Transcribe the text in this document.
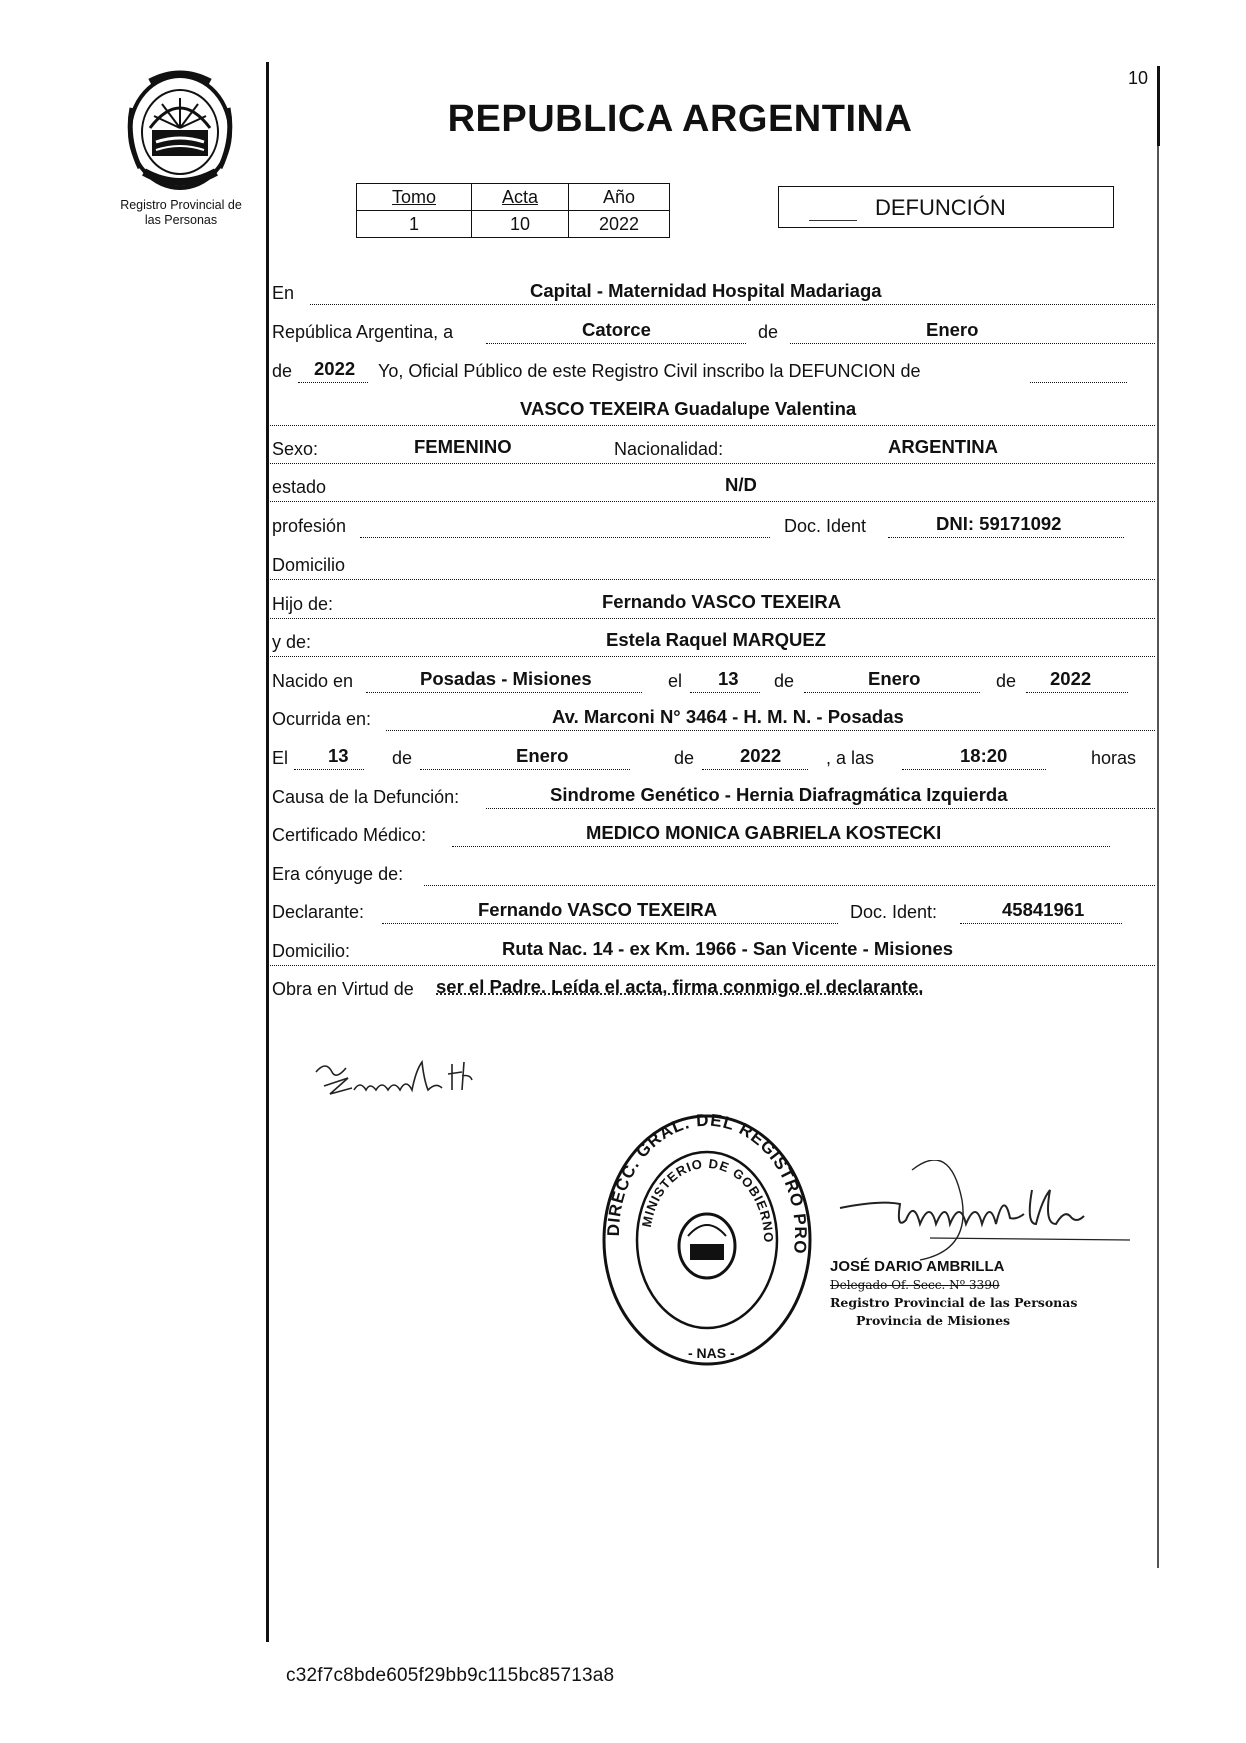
10
Registro Provincial de
las Personas
REPUBLICA ARGENTINA
Tomo	Acta	Año
1	10	2022
DEFUNCIÓN
En	Capital - Maternidad Hospital Madariaga
República Argentina, a	Catorce	de	Enero
de 2022 Yo, Oficial Público de este Registro Civil inscribo la DEFUNCION de
VASCO TEXEIRA Guadalupe Valentina
Sexo:	FEMENINO	Nacionalidad:	ARGENTINA
estado	N/D
profesión	Doc. Ident	DNI: 59171092
Domicilio
Hijo de:	Fernando VASCO TEXEIRA
y de:	Estela Raquel MARQUEZ
Nacido en	Posadas - Misiones	el 13 de	Enero	de 2022
Ocurrida en:	Av. Marconi N° 3464 - H. M. N. - Posadas
El 13 de	Enero	de 2022 , a las	18:20	horas
Causa de la Defunción:	Sindrome Genético - Hernia Diafragmática Izquierda
Certificado Médico:	MEDICO MONICA GABRIELA KOSTECKI
Era cónyuge de:
Declarante:	Fernando VASCO TEXEIRA	Doc. Ident:	45841961
Domicilio:	Ruta Nac. 14 - ex Km. 1966 - San Vicente - Misiones
Obra en Virtud de ser el Padre. Leída el acta, firma conmigo el declarante.
DIRECC. GRAL. DEL REGISTRO PRO
MINISTERIO DE GOBIERNO
- NAS -
JOSÉ DARIO AMBRILLA
Delegado Of. Secc. Nº 3390
Registro Provincial de las Personas
Provincia de Misiones
c32f7c8bde605f29bb9c115bc85713a8
